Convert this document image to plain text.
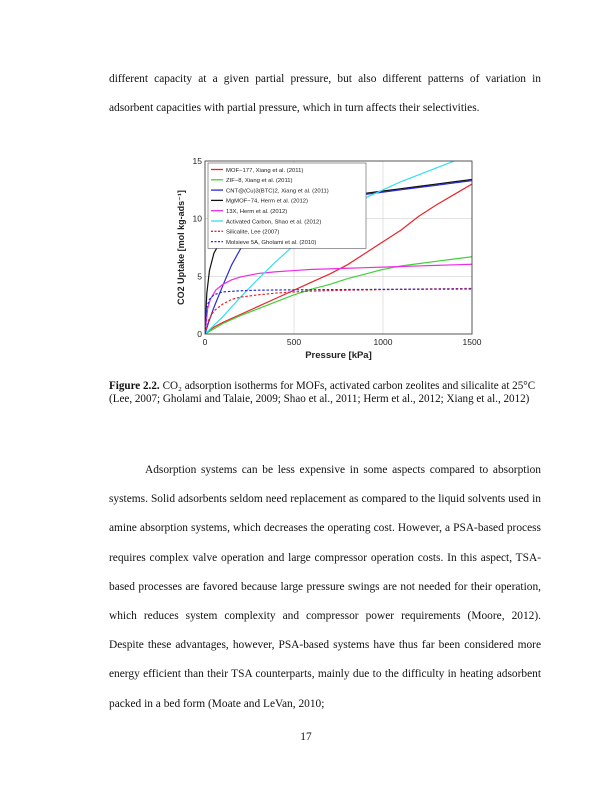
different capacity at a given partial pressure, but also different patterns of variation in adsorbent capacities with partial pressure, which in turn affects their selectivities.

0	500	1000	1500
0
5
10
15
MOF−177, Xiang et al. (2011)
ZIF−8, Xiang et al. (2011)
CNT@(Cu)3(BTC)2, Xiang et al. (2011)
MgMOF−74, Herm et al. (2012)
13X, Herm et al. (2012)
Activated Carbon, Shao et al. (2012)
Silicalite, Lee (2007)
Molsieve 5A, Gholami et al. (2010)
Pressure [kPa]
CO2 Uptake [mol kg-ads⁻¹]
Figure 2.2. CO₂ adsorption isotherms for MOFs, activated carbon zeolites and silicalite at 25°C (Lee, 2007; Gholami and Talaie, 2009; Shao et al., 2011; Herm et al., 2012; Xiang et al., 2012)

Adsorption systems can be less expensive in some aspects compared to absorption systems. Solid adsorbents seldom need replacement as compared to the liquid solvents used in amine absorption systems, which decreases the operating cost. However, a PSA-based process requires complex valve operation and large compressor operation costs. In this aspect, TSA-based processes are favored because large pressure swings are not needed for their operation, which reduces system complexity and compressor power requirements (Moore, 2012). Despite these advantages, however, PSA-based systems have thus far been considered more energy efficient than their TSA counterparts, mainly due to the difficulty in heating adsorbent packed in a bed form (Moate and LeVan, 2010;

17
